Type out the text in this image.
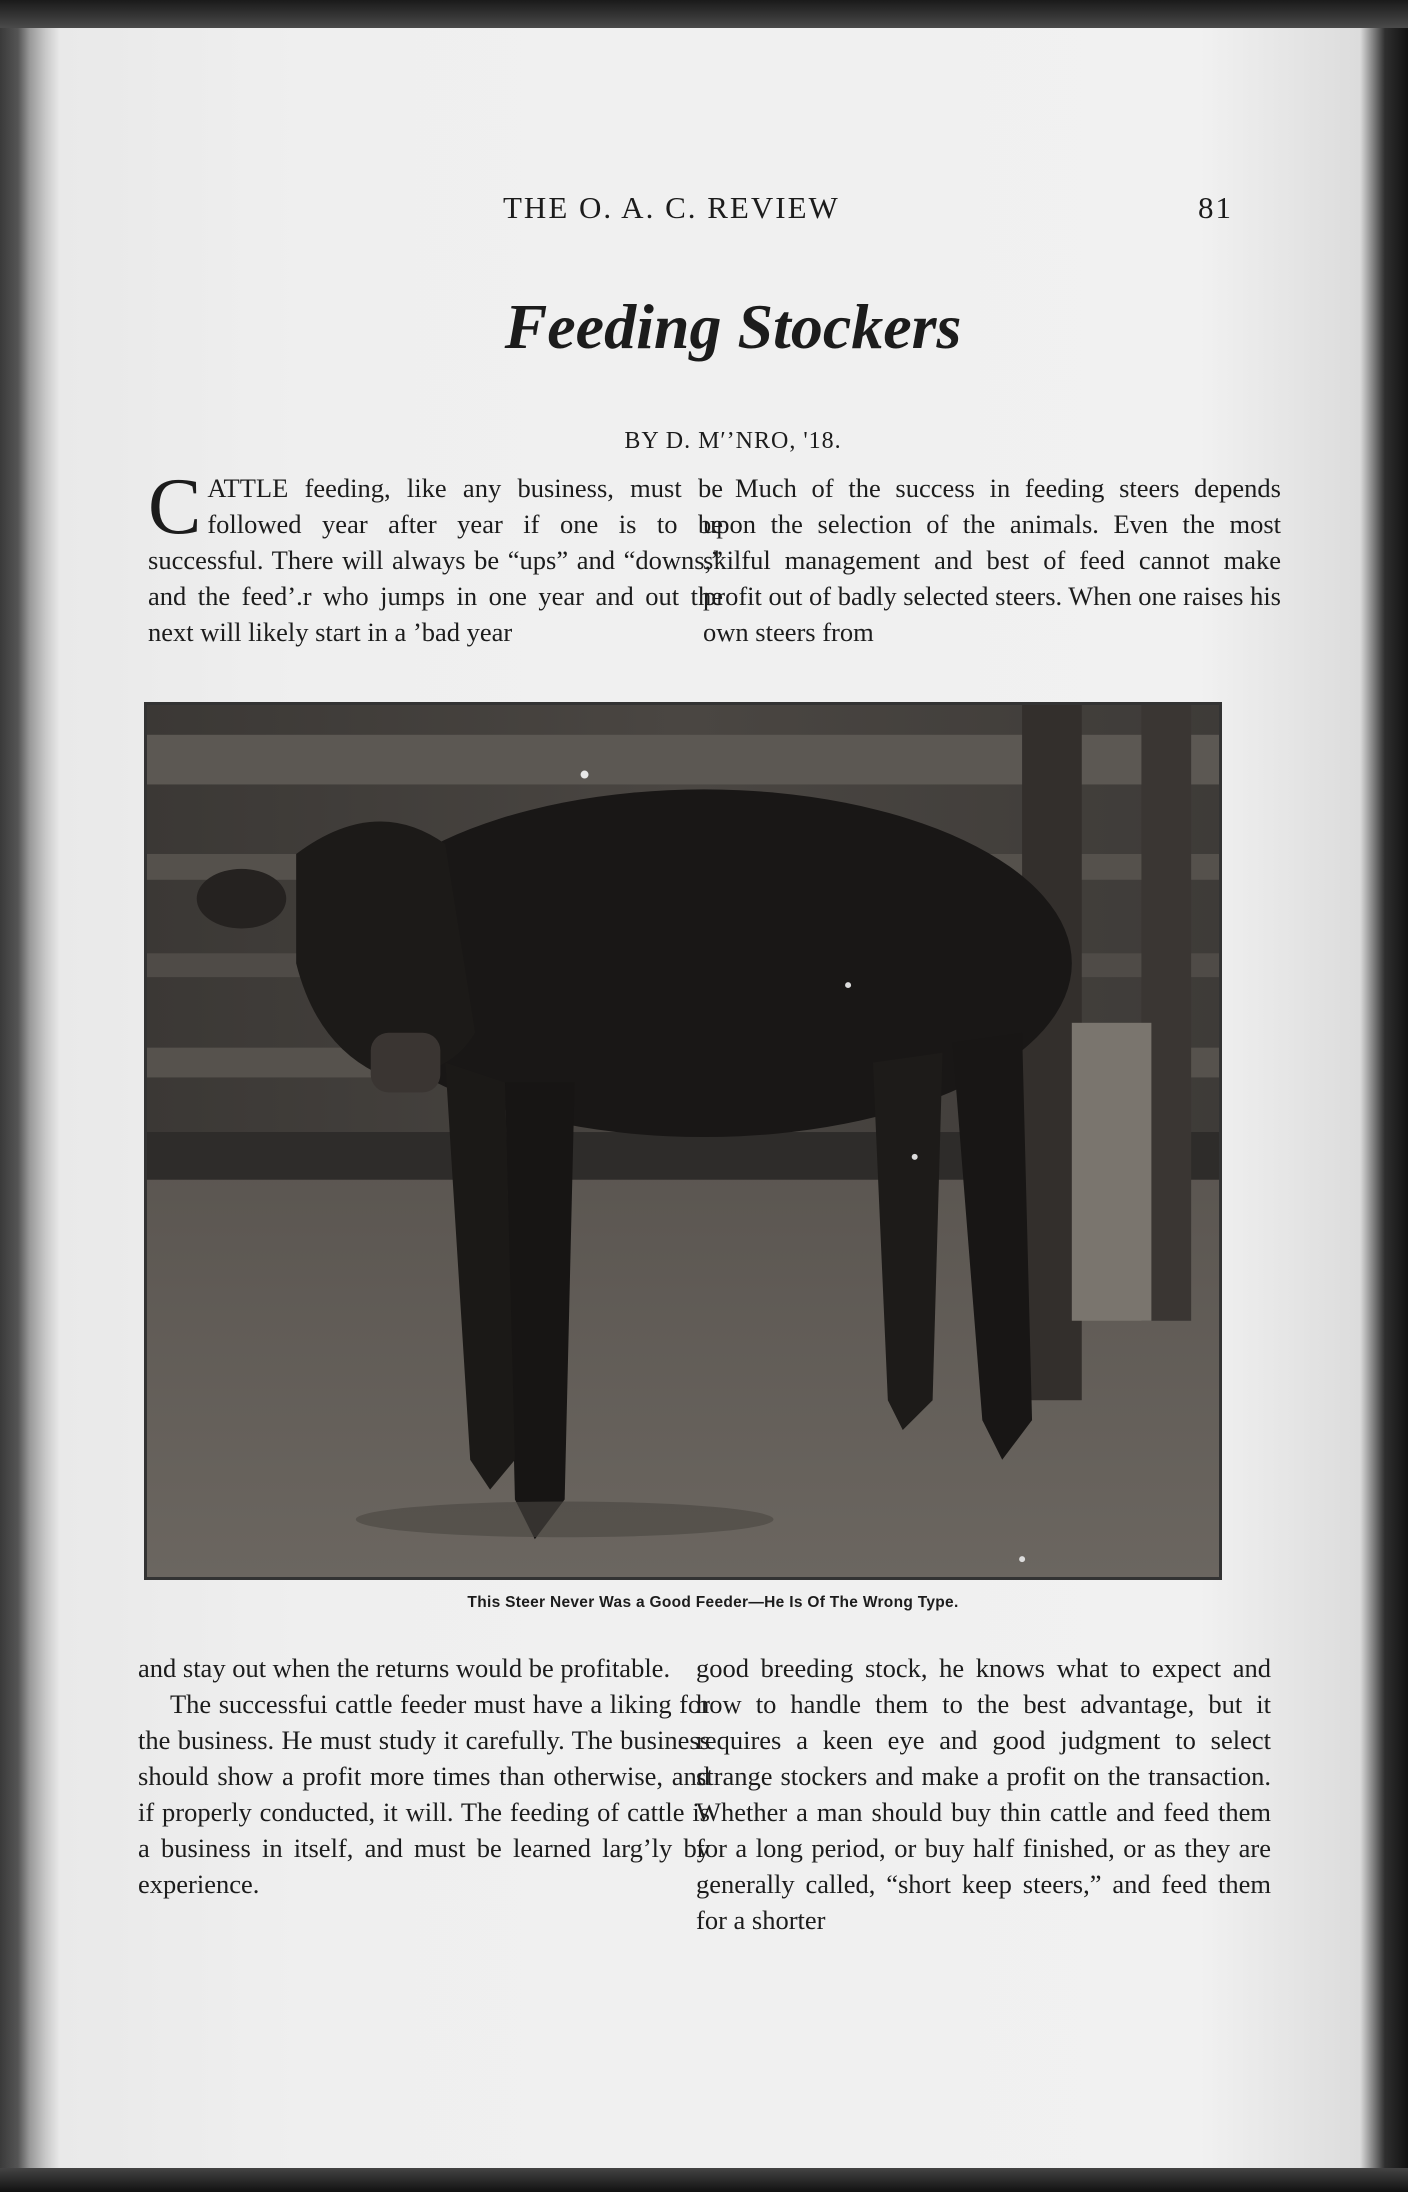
THE O. A. C. REVIEW	81
Feeding Stockers
BY D. M′’NRO, '18.
CATTLE feeding, like any business, must be followed year after year if one is to be successful. There will always be “ups” and “downs,” and the feed’.r who jumps in one year and out the next will likely start in a ’bad year
Much of the success in feeding steers depends upon the selection of the animals. Even the most skilful management and best of feed cannot make profit out of badly selected steers. When one raises his own steers from
This Steer Never Was a Good Feeder—He Is Of The Wrong Type.

and stay out when the returns would be profitable.

The successfui cattle feeder must have a liking for the business. He must study it carefully. The business should show a profit more times than otherwise, and if properly conducted, it will. The feeding of cattle is a business in itself, and must be learned larg’ly by experience.

good breeding stock, he knows what to expect and how to handle them to the best advantage, but it requires a keen eye and good judgment to select strange stockers and make a profit on the transaction. Whether a man should buy thin cattle and feed them for a long period, or buy half finished, or as they are generally called, “short keep steers,” and feed them for a shorter
